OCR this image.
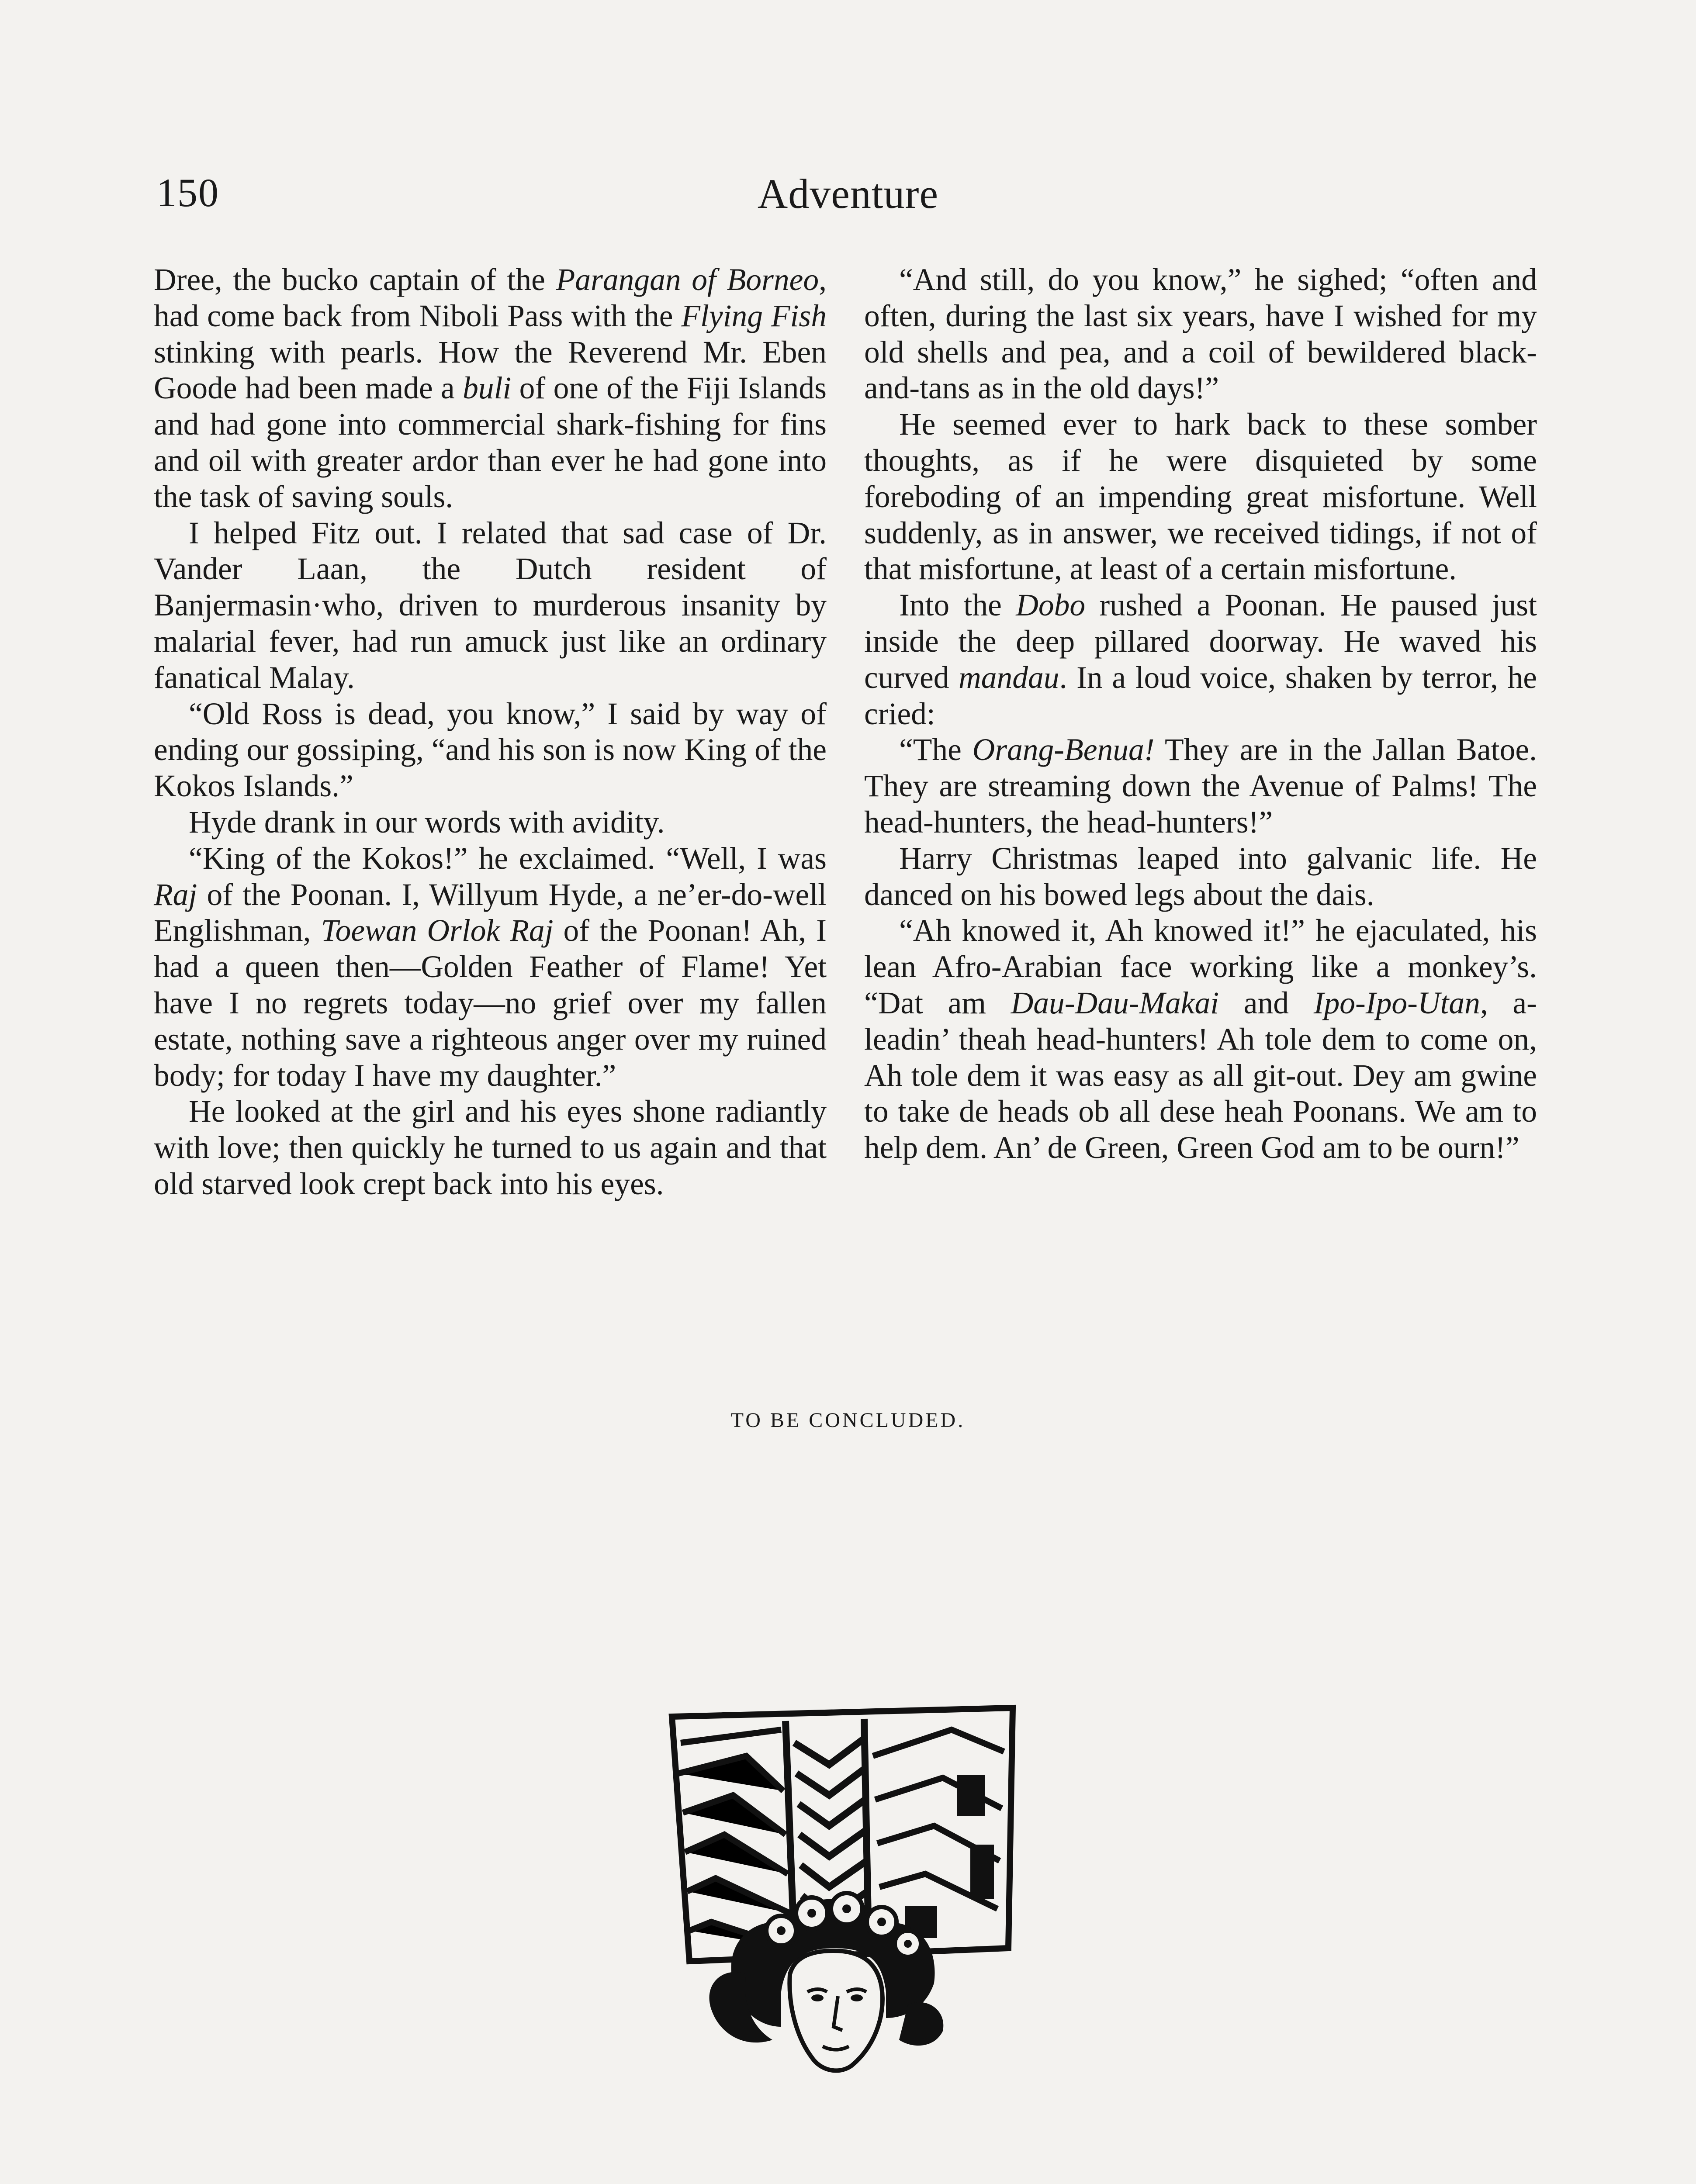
150	Adventure

Dree, the bucko captain of the Parangan of Borneo, had come back from Niboli Pass with the Flying Fish stinking with pearls. How the Reverend Mr. Eben Goode had been made a buli of one of the Fiji Islands and had gone into commercial shark-fishing for fins and oil with greater ardor than ever he had gone into the task of saving souls.

I helped Fitz out. I related that sad case of Dr. Vander Laan, the Dutch resident of Banjermasin·who, driven to murderous insanity by malarial fever, had run amuck just like an ordinary fanatical Malay.

“Old Ross is dead, you know,” I said by way of ending our gossiping, “and his son is now King of the Kokos Islands.”

Hyde drank in our words with avidity.

“King of the Kokos!” he exclaimed. “Well, I was Raj of the Poonan. I, Willyum Hyde, a ne’er-do-well Englishman, Toewan Orlok Raj of the Poonan! Ah, I had a queen then—Golden Feather of Flame! Yet have I no regrets today—no grief over my fallen estate, nothing save a righteous anger over my ruined body; for today I have my daughter.”

He looked at the girl and his eyes shone radiantly with love; then quickly he turned to us again and that old starved look crept back into his eyes.

“And still, do you know,” he sighed; “often and often, during the last six years, have I wished for my old shells and pea, and a coil of bewildered black-and-tans as in the old days!”

He seemed ever to hark back to these somber thoughts, as if he were disquieted by some foreboding of an impending great misfortune. Well suddenly, as in answer, we received tidings, if not of that misfortune, at least of a certain misfortune.

Into the Dobo rushed a Poonan. He paused just inside the deep pillared doorway. He waved his curved mandau. In a loud voice, shaken by terror, he cried:

“The Orang-Benua! They are in the Jallan Batoe. They are streaming down the Avenue of Palms! The head-hunters, the head-hunters!”

Harry Christmas leaped into galvanic life. He danced on his bowed legs about the dais.

“Ah knowed it, Ah knowed it!” he ejaculated, his lean Afro-Arabian face working like a monkey’s. “Dat am Dau-Dau-Makai and Ipo-Ipo-Utan, a-leadin’ theah head-hunters! Ah tole dem to come on, Ah tole dem it was easy as all git-out. Dey am gwine to take de heads ob all dese heah Poonans. We am to help dem. An’ de Green, Green God am to be ourn!”

TO BE CONCLUDED.
